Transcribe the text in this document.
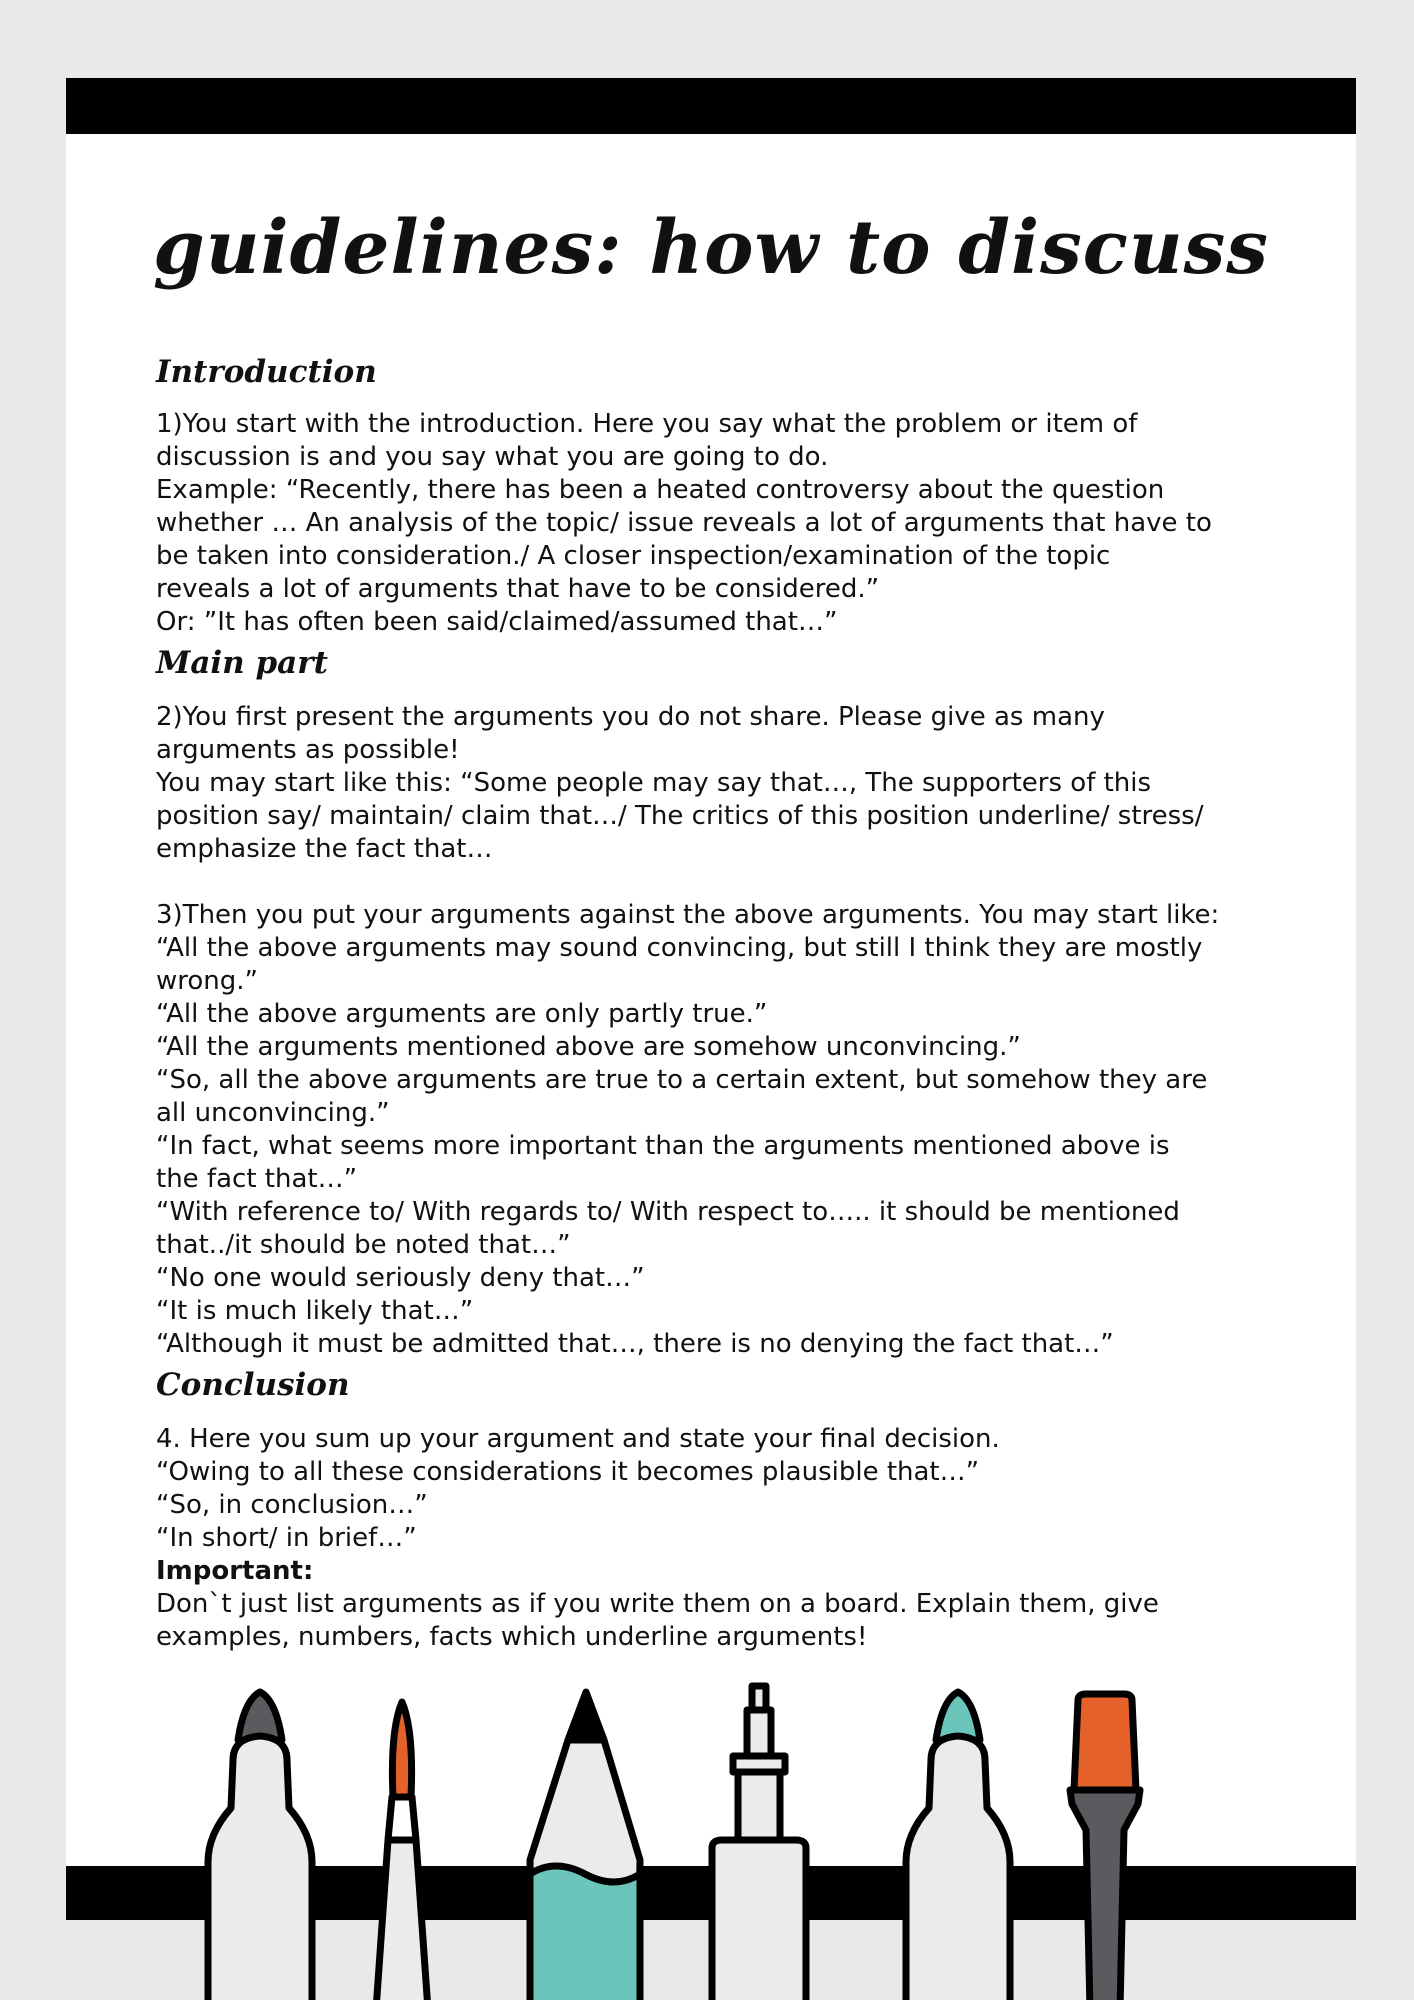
guidelines: how to discuss
Introduction

1)You start with the introduction. Here you say what the problem or item of

discussion is and you say what you are going to do.

Example: “Recently, there has been a heated controversy about the question

whether … An analysis of the topic/ issue reveals a lot of arguments that have to

be taken into consideration./ A closer inspection/examination of the topic

reveals a lot of arguments that have to be considered.”

Or: ”It has often been said/claimed/assumed that…”

Main part

2)You first present the arguments you do not share. Please give as many

arguments as possible!

You may start like this: “Some people may say that…, The supporters of this

position say/ maintain/ claim that…/ The critics of this position underline/ stress/

emphasize the fact that…

3)Then you put your arguments against the above arguments. You may start like:

“All the above arguments may sound convincing, but still I think they are mostly

wrong.”

“All the above arguments are only partly true.”

“All the arguments mentioned above are somehow unconvincing.”

“So, all the above arguments are true to a certain extent, but somehow they are

all unconvincing.”

“In fact, what seems more important than the arguments mentioned above is

the fact that…”

“With reference to/ With regards to/ With respect to….. it should be mentioned

that../it should be noted that…”

“No one would seriously deny that…”

“It is much likely that…”

“Although it must be admitted that…, there is no denying the fact that…”

Conclusion

4. Here you sum up your argument and state your final decision.

“Owing to all these considerations it becomes plausible that…”

“So, in conclusion…”

“In short/ in brief…”

Important:

Don`t just list arguments as if you write them on a board. Explain them, give

examples, numbers, facts which underline arguments!
